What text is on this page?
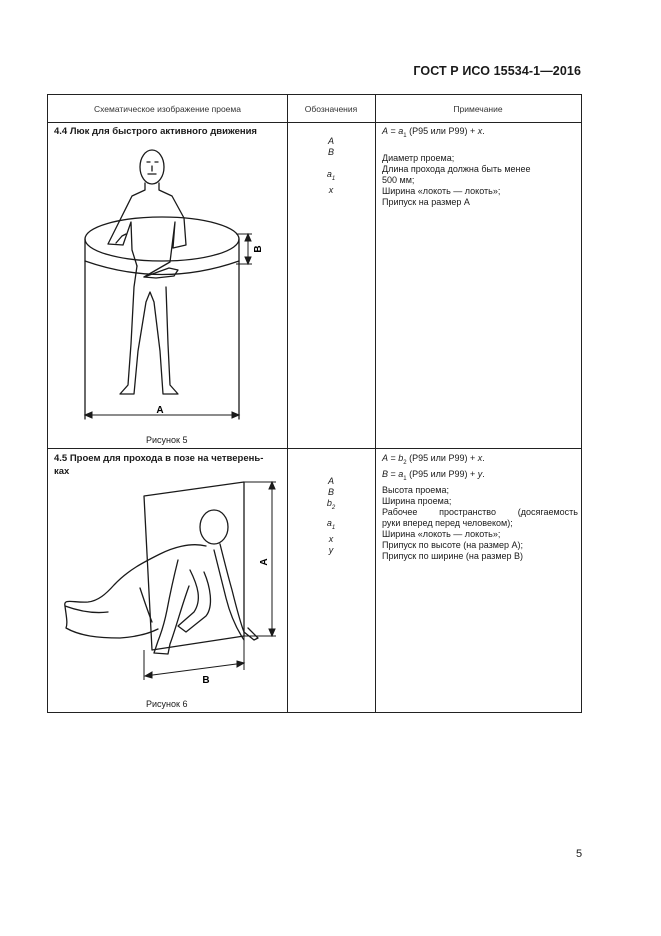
ГОСТ Р ИСО 15534-1—2016
Схематическое изображение проема	Обозначения	Примечание
4.4 Люк для быстрого активного движения
A
B
Рисунок 5
A
B
$a_1$
x
$A = a_1$ (P95 или P99) + x.
Диаметр проема;
Длина прохода должна быть менее
500 мм;
Ширина «локоть — локоть»;
Припуск на размер А
4.5 Проем для прохода в позе на четверень-
ках
A
B
Рисунок 6
A
B
$b_2$
$a_1$
x
y
$A = b_2$ (P95 или P99) + x.
$B = a_1$ (P95 или P99) + y.
Высота проема;
Ширина проема;
Рабочее пространство (досягаемость
руки вперед перед человеком);
Ширина «локоть — локоть»;
Припуск по высоте (на размер А);
Припуск по ширине (на размер В)
5
